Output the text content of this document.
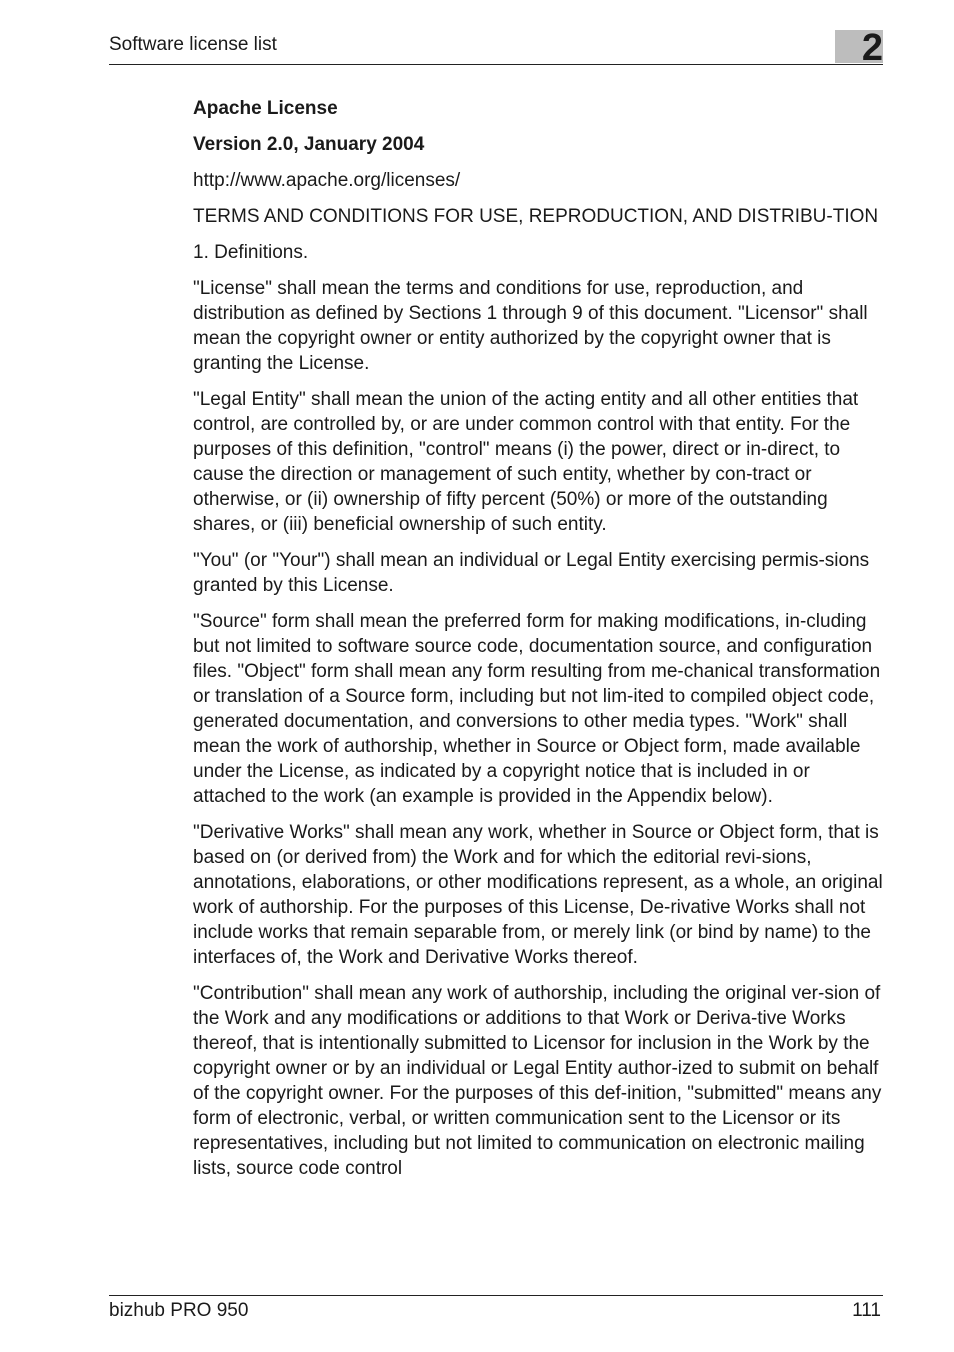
Software license list	2

Apache License

Version 2.0, January 2004

http://www.apache.org/licenses/

TERMS AND CONDITIONS FOR USE, REPRODUCTION, AND DISTRIBU-TION

1. Definitions.

"License" shall mean the terms and conditions for use, reproduction, and distribution as defined by Sections 1 through 9 of this document. "Licensor" shall mean the copyright owner or entity authorized by the copyright owner that is granting the License.

"Legal Entity" shall mean the union of the acting entity and all other entities that control, are controlled by, or are under common control with that entity. For the purposes of this definition, "control" means (i) the power, direct or in-direct, to cause the direction or management of such entity, whether by con-tract or otherwise, or (ii) ownership of fifty percent (50%) or more of the outstanding shares, or (iii) beneficial ownership of such entity.

"You" (or "Your") shall mean an individual or Legal Entity exercising permis-sions granted by this License.

"Source" form shall mean the preferred form for making modifications, in-cluding but not limited to software source code, documentation source, and configuration files. "Object" form shall mean any form resulting from me-chanical transformation or translation of a Source form, including but not lim-ited to compiled object code, generated documentation, and conversions to other media types. "Work" shall mean the work of authorship, whether in Source or Object form, made available under the License, as indicated by a copyright notice that is included in or attached to the work (an example is provided in the Appendix below).

"Derivative Works" shall mean any work, whether in Source or Object form, that is based on (or derived from) the Work and for which the editorial revi-sions, annotations, elaborations, or other modifications represent, as a whole, an original work of authorship. For the purposes of this License, De-rivative Works shall not include works that remain separable from, or merely link (or bind by name) to the interfaces of, the Work and Derivative Works thereof.

"Contribution" shall mean any work of authorship, including the original ver-sion of the Work and any modifications or additions to that Work or Deriva-tive Works thereof, that is intentionally submitted to Licensor for inclusion in the Work by the copyright owner or by an individual or Legal Entity author-ized to submit on behalf of the copyright owner. For the purposes of this def-inition, "submitted" means any form of electronic, verbal, or written communication sent to the Licensor or its representatives, including but not limited to communication on electronic mailing lists, source code control

bizhub PRO 950	111
